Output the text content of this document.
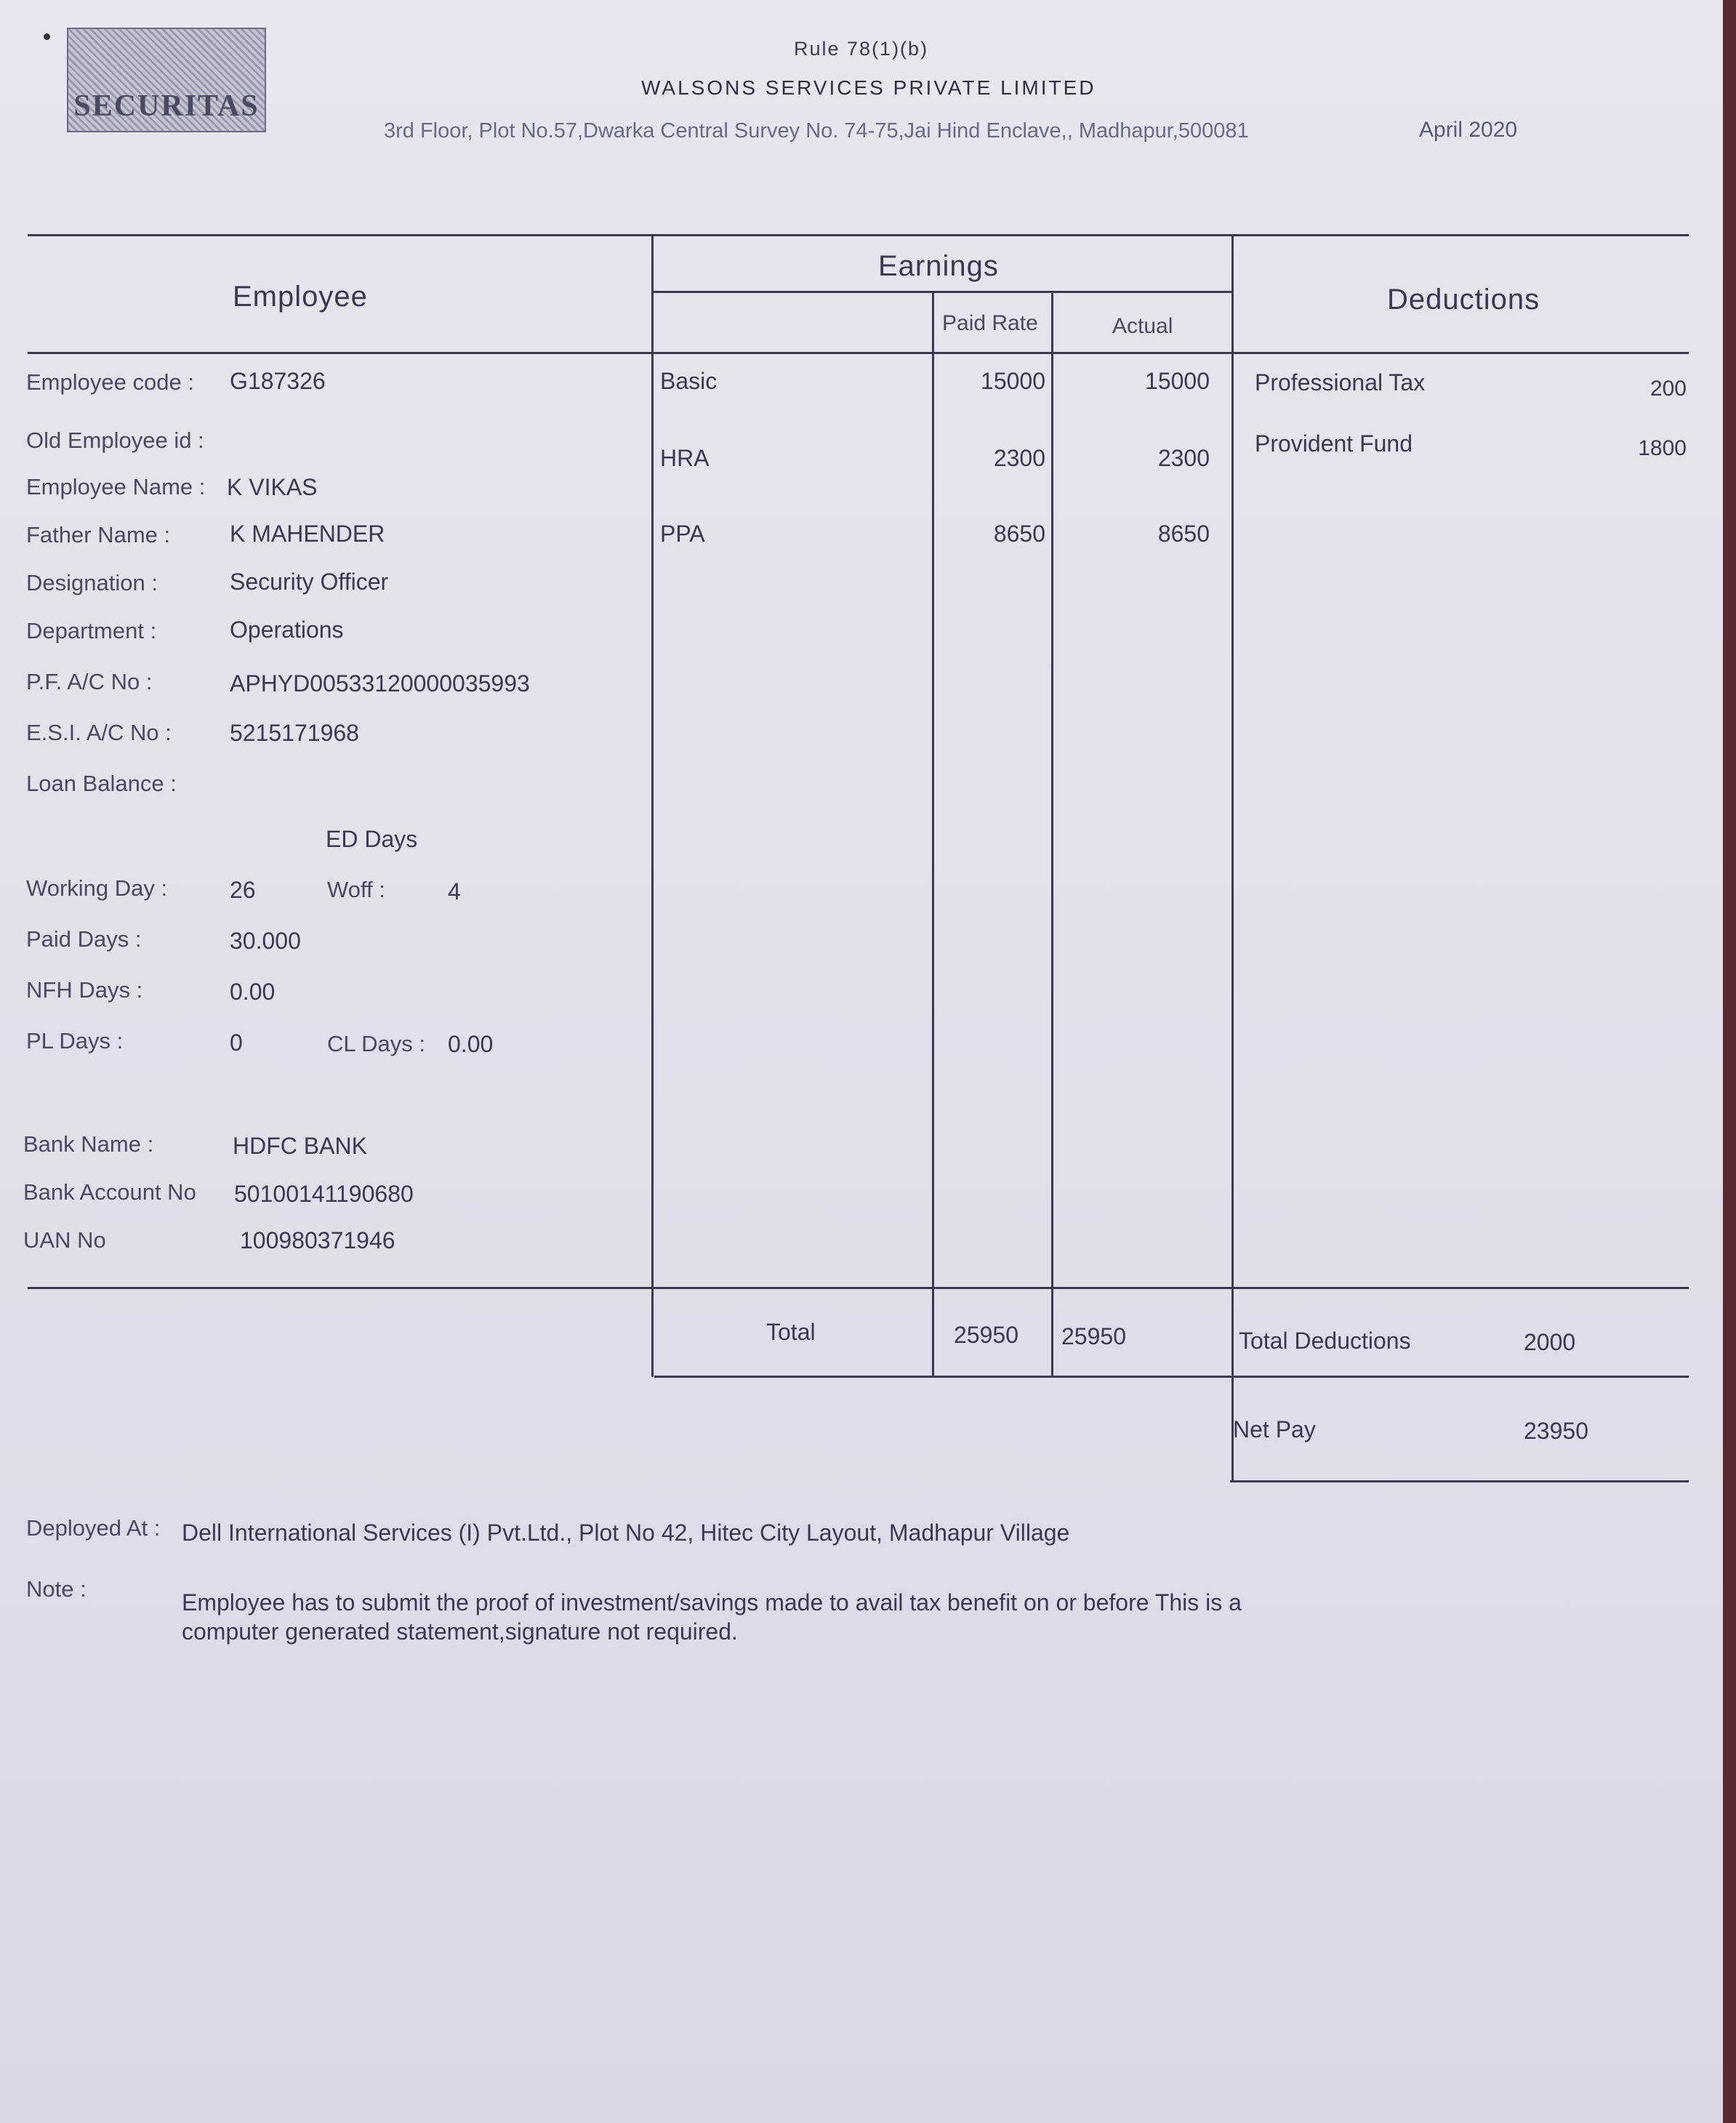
SECURITAS
Rule 78(1)(b)
WALSONS SERVICES PRIVATE LIMITED
3rd Floor, Plot No.57,Dwarka Central Survey No. 74-75,Jai Hind Enclave,, Madhapur,500081	April 2020
Employee
Earnings
Paid Rate	Actual
Deductions
Employee code : G187326
Old Employee id :
Employee Name : K VIKAS
Father Name :	K MAHENDER
Designation :	Security Officer
Department :	Operations
P.F. A/C No :	APHYD00533120000035993
E.S.I. A/C No :	5215171968
Loan Balance :
ED Days
Working Day :	26	Woff :	4
Paid Days :	30.000
NFH Days :	0.00
PL Days :	0	CL Days : 0.00
Bank Name :	HDFC BANK
Bank Account No 50100141190680
UAN No	100980371946
Basic	15000	15000
HRA	2300	2300
PPA	8650	8650
Professional Tax	200
Provident Fund	1800
Total	25950 25950	Total Deductions	2000
Net Pay	23950
Deployed At : Dell International Services (I) Pvt.Ltd., Plot No 42, Hitec City Layout, Madhapur Village
Note :
Employee has to submit the proof of investment/savings made to avail tax benefit on or before This is a
computer generated statement,signature not required.
